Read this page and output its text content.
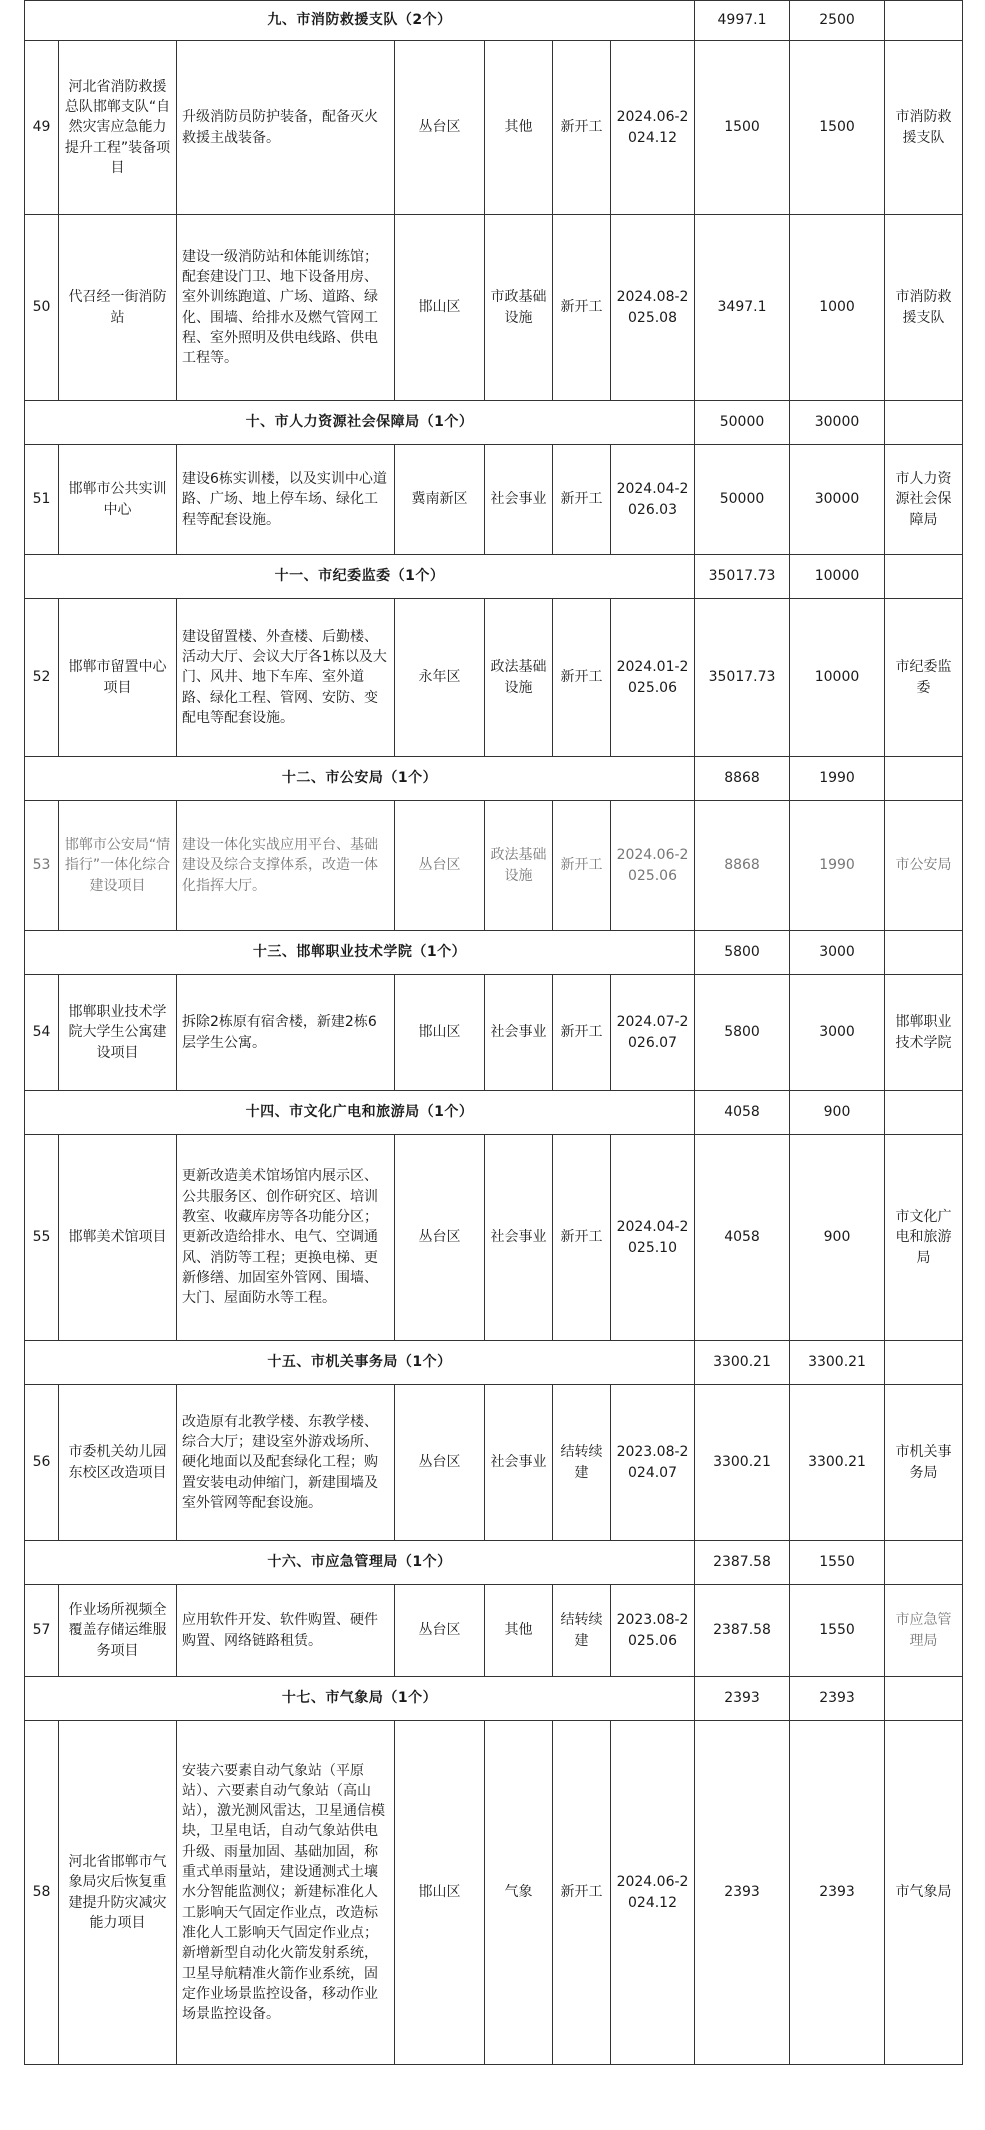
九、市消防救援支队（2个）							4997.1	2500	
49	河北省消防救援总队邯郸支队“自然灾害应急能力提升工程”装备项目	升级消防员防护装备，配备灭火救援主战装备。	丛台区	其他	新开工	2024.06-2024.12	1500	1500	市消防救援支队
50	代召经一街消防站	建设一级消防站和体能训练馆；配套建设门卫、地下设备用房、室外训练跑道、广场、道路、绿化、围墙、给排水及燃气管网工程、室外照明及供电线路、供电工程等。	邯山区	市政基础设施	新开工	2024.08-2025.08	3497.1	1000	市消防救援支队
十、市人力资源社会保障局（1个）							50000	30000	
51	邯郸市公共实训中心	建设6栋实训楼，以及实训中心道路、广场、地上停车场、绿化工程等配套设施。	冀南新区	社会事业	新开工	2024.04-2026.03	50000	30000	市人力资源社会保障局
十一、市纪委监委（1个）							35017.73	10000	
52	邯郸市留置中心项目	建设留置楼、外查楼、后勤楼、活动大厅、会议大厅各1栋以及大门、风井、地下车库、室外道路、绿化工程、管网、安防、变配电等配套设施。	永年区	政法基础设施	新开工	2024.01-2025.06	35017.73	10000	市纪委监委
十二、市公安局（1个）							8868	1990	
53	邯郸市公安局“情指行”一体化综合建设项目	建设一体化实战应用平台、基础建设及综合支撑体系，改造一体化指挥大厅。	丛台区	政法基础设施	新开工	2024.06-2025.06	8868	1990	市公安局
十三、邯郸职业技术学院（1个）							5800	3000	
54	邯郸职业技术学院大学生公寓建设项目	拆除2栋原有宿舍楼，新建2栋6层学生公寓。	邯山区	社会事业	新开工	2024.07-2026.07	5800	3000	邯郸职业技术学院
十四、市文化广电和旅游局（1个）							4058	900	
55	邯郸美术馆项目	更新改造美术馆场馆内展示区、公共服务区、创作研究区、培训教室、收藏库房等各功能分区；更新改造给排水、电气、空调通风、消防等工程；更换电梯、更新修缮、加固室外管网、围墙、大门、屋面防水等工程。	丛台区	社会事业	新开工	2024.04-2025.10	4058	900	市文化广电和旅游局
十五、市机关事务局（1个）							3300.21	3300.21	
56	市委机关幼儿园东校区改造项目	改造原有北教学楼、东教学楼、综合大厅；建设室外游戏场所、硬化地面以及配套绿化工程；购置安装电动伸缩门，新建围墙及室外管网等配套设施。	丛台区	社会事业	结转续建	2023.08-2024.07	3300.21	3300.21	市机关事务局
十六、市应急管理局（1个）							2387.58	1550	
57	作业场所视频全覆盖存储运维服务项目	应用软件开发、软件购置、硬件购置、网络链路租赁。	丛台区	其他	结转续建	2023.08-2025.06	2387.58	1550	市应急管理局
十七、市气象局（1个）							2393	2393	
58	河北省邯郸市气象局灾后恢复重建提升防灾减灾能力项目	安装六要素自动气象站（平原站）、六要素自动气象站（高山站），激光测风雷达，卫星通信模块，卫星电话，自动气象站供电升级、雨量加固、基础加固，称重式单雨量站，建设通测式土壤水分智能监测仪；新建标准化人工影响天气固定作业点，改造标准化人工影响天气固定作业点；新增新型自动化火箭发射系统，卫星导航精准火箭作业系统，固定作业场景监控设备，移动作业场景监控设备。	邯山区	气象	新开工	2024.06-2024.12	2393	2393	市气象局
